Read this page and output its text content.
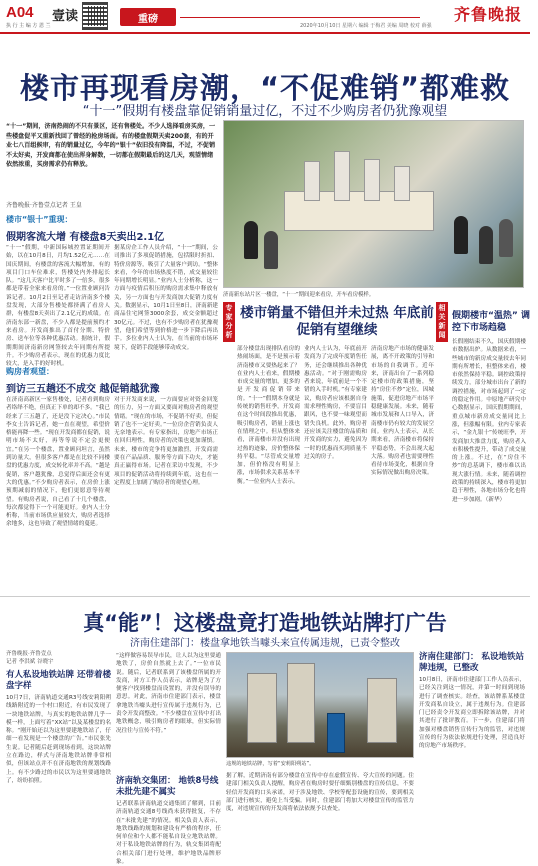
A04 壹读
执 行 主 编 方 恩 兰
重磅
2020年10月10日 星期六 编辑 于梅君 美编 周晓 校对 薛强
齐鲁晚报
楼市再现看房潮，“不促难销”都难救
“十一”假期有楼盘靠促销销量过亿，不过不少购房者仍犹豫观望
“十一”期间，济南热闹的不只有景区，还有售楼处。不少人选择看房买房，一些楼盘促平又重新找回了曾经的抢房场面。有的楼盘假期天卖200套，有的开业七八百组候审，有的销量过亿，今年的“银十”依旧没有降温，不过，不促销不太好卖，开发商都在使出浑身解数，一切都在假期最后的这几天，观望情绪依然浓重，买房需求仍有释放。
齐鲁晚报·齐鲁壹点记者 王皇
楼市“银十”重现：
假期客流大增 有楼盘8天卖出2.1亿
“十一”假期，中新国际城控置证期间开始，以在10月8日，月均1.52亿元……在国庆期间，有楼盘的客流大幅增加，有的项目门口车位难求，售楼处内外排起长队。“这几天客户比平时多了一倍多，很多都是带着全家来看房的。”一位置业顾问告诉记者。10月2日至记者走访济南多个楼盘发现，大部分售楼处都挤满了看房人群，有楼盘8天卖出了2.1亿元的成绩。在济南东部一新盘，不少人都是提前预约才来看房。开发商推出了首付分期、特价房、送车位等各种优惠活动。据统计，假期期间济南新房网签较去年同期有所提升。不少购房者表示，现在的优惠力度比较大，是入手的好时机。
据某房企工作人员介绍，“十一”期间，公司推出了多项促销措施，包括限时折扣、特价房源等，吸引了大量客户到访。“整体来看，今年的市场热度不错，成交量较往年同期增长明显。”业内人士分析称，这一方面与疫情后积压的购房需求集中释放有关，另一方面也与开发商加大促销力度有关。数据显示，10月1日至8日，济南新建商品住宅网签3000余套，成交金额超过30亿元。不过，也有不少购房者在犹豫观望，他们希望等到价格进一步下降后再出手。多位业内人士认为，在当前的市场环境下，促销手段能够带动成交。
购房者观望：
到访三五趟还不成交 越促销越犹豫
在济南高新区一家售楼处，记者看到购房者络绎不绝，但真正下单的却不多。“我已经来了三五趟了，还是没下定决心。”市民李女士告诉记者，她一直在观望，希望价格能再降一些。“现在开发商都在促销，说明市场不太好，再等等说不定会更便宜。”在另一个楼盘，置业顾问坦言，虽然到访量大，但很多客户都是在比较不同楼盘的优惠力度，成交转化率并不高。“越是促销，客户越犹豫，总觉得后面还会有更大的优惠。”不少购房者表示，在房价上涨预期减弱的情况下，他们更愿意等待观望。有购房者说，自己看了十几个楼盘，每次都觉得下一个可能更好。业内人士分析称，当前市场供应量较大，购房者选择余地多，这也导致了观望情绪的蔓延。
对于开发商来说，一方面要应对资金回笼的压力，另一方面又要面对购房者的观望情绪。“现在的市场，不促销不好卖，但促销了也不一定好卖。”一位房企营销负责人无奈地表示。有专家指出，房地产市场正在回归理性，购房者的决策也更加谨慎。未来，楼市的竞争将更加激烈，开发商需要在产品品质、服务等方面下功夫，才能真正赢得市场。记者在采访中发现，不少项目的促销活动将持续到年底，这也在一定程度上加剧了购房者的观望心理。
济南新东站片区一楼盘，“十一”期间迎来看房，开车看房模样。
专家分析
楼市销量不错但并未过热 年底前促销有望继续
部分楼盘出现排队看房的热闹场面，是不是预示着济南楼市又要热起来了？在业内人士看来，假期楼市成交量的增加，更多的是开发商促销带来的。“十一”假期本身就是传统的销售旺季，开发商在这个时间段推出优惠，吸引购房者，销量上涨也在情理之中。但从整体来看，济南楼市并没有出现过热的迹象，房价整体保持平稳。“尽管成交量增加，但价格没有明显上涨，市场供求关系基本平衡。”一位业内人士表示。
业内人士认为，年底前开发商为了完成年度销售任务，还会继续推出各种优惠活动。“对于刚需购房者来说，年底前是一个不错的入手时机。”有专家建议，购房者应该根据自身需求理性购房，不要盲目跟风，也不要一味观望而错失良机。此外，购房者还应该关注楼盘的品质和开发商的实力，避免因为一时的优惠而买到质量不过关的房子。
济南房地产市场的健康发展，离不开政策的引导和市场的自我调节。近年来，济南出台了一系列稳定楼市的政策措施，坚持“房住不炒”定位，因城施策，促进房地产市场平稳健康发展。未来，随着城市发展和人口导入，济南楼市仍有较大的发展空间。业内人士表示，从长期来看，济南楼市将保持平稳态势，不会出现大起大落。购房者也需要理性看待市场变化，根据自身实际情况做出购房决策。
相关新闻
假期楼市“温热” 调控下市场趋稳
长假刚结束不久，国庆假期楼市数据出炉。从数据来看，一些城市的新房成交量较去年同期有所增长，但整体来看，楼市依然保持平稳。调控政策持续发力，部分城市出台了新的调控措施，对市场起到了一定的稳定作用。中原地产研究中心数据显示，国庆假期期间，重点城市新房成交量同比上涨，但涨幅有限。业内专家表示，“金九银十”传统旺季，开发商加大推盘力度，购房者入市积极性提升，带动了成交量的上涨。不过，在“房住不炒”的总基调下，楼市难以出现大涨行情。未来，随着调控政策的持续深入，楼市将更加趋于理性，各地市场分化也将进一步加剧。（新华）
真“能”！这楼盘竟打造地铁站牌打广告
济南住建部门：楼盘拿地铁当噱头来宣传属违规，已责令整改
齐鲁晚报·齐鲁壹点
记者 李洪斌 谷晓宇
有人私设地铁站牌 还带着楼盘字样
10月7日，济南轨道交通R3号线安莉阳朔线路附近的一个村口附近，有市民发现了一块地铁站牌，与真实的地铁站牌几乎一模一样，上面写着“XX站”以及某楼盘的名称。“刚开始还以为这里要建地铁站了，仔细一看发现是一个楼盘的广告。”市民张先生说。记者随后赶到现场看到，这块站牌立在路边，样式与济南地铁站牌非常相似，但该站点并不在济南地铁的规划线路上。有不少路过的市民以为这里要通地铁了，纷纷拍照。
“这样做容易误导市民，让人以为这里要通地铁了，房价自然就上去了。”一位市民说。随后，记者联系到了该楼盘所属的开发商，对方工作人员表示，站牌是为了方便客户找到楼盘而设置的，并没有误导的意思。对此，济南市住建部门表示，楼盘拿地铁当噱头进行宣传属于违规行为，已责令开发商整改。“不少楼盘在宣传中打出地铁概念，吸引购房者的眼球，但实际情况往往与宣传不符。”
济南轨交集团： 地铁8号线未批先建不属实
记者联系济南轨道交通集团了解到，目前济南轨道交通8号线尚未获得批复，不存在“未批先建”的情况。相关负责人表示，地铁线路的规划和建设有严格的程序，任何单位和个人都不能私自设立地铁站牌。对于私设地铁站牌的行为，轨交集团将配合相关部门进行处理，维护地铁品牌形象。
违规的地铁站牌，写着“安莉阳朔站”。
据了解，近期济南有部分楼盘在宣传中存在虚假宣传、夸大宣传的问题。住建部门相关负责人提醒，购房者在购房时要仔细甄别楼盘的宣传信息，不要轻信开发商的口头承诺，对于涉及地铁、学校等配套设施的宣传，要到相关部门进行核实，避免上当受骗。同时，住建部门将加大对楼盘宣传的监管力度，对违规宣传的开发商将依法依规予以查处。
济南住建部门： 私设地铁站牌违规，已整改
10月8日，济南市住建部门工作人员表示，已经关注到这一情况，并第一时间到现场进行了调查核实。经查，该站牌系某楼盘开发商私自设立，属于违规行为。住建部门已经责令开发商立即拆除该站牌，并对其进行了批评教育。下一步，住建部门将加强对楼盘销售宣传行为的监管，对违规宣传的行为依法依规进行处理，营造良好的房地产市场秩序。
